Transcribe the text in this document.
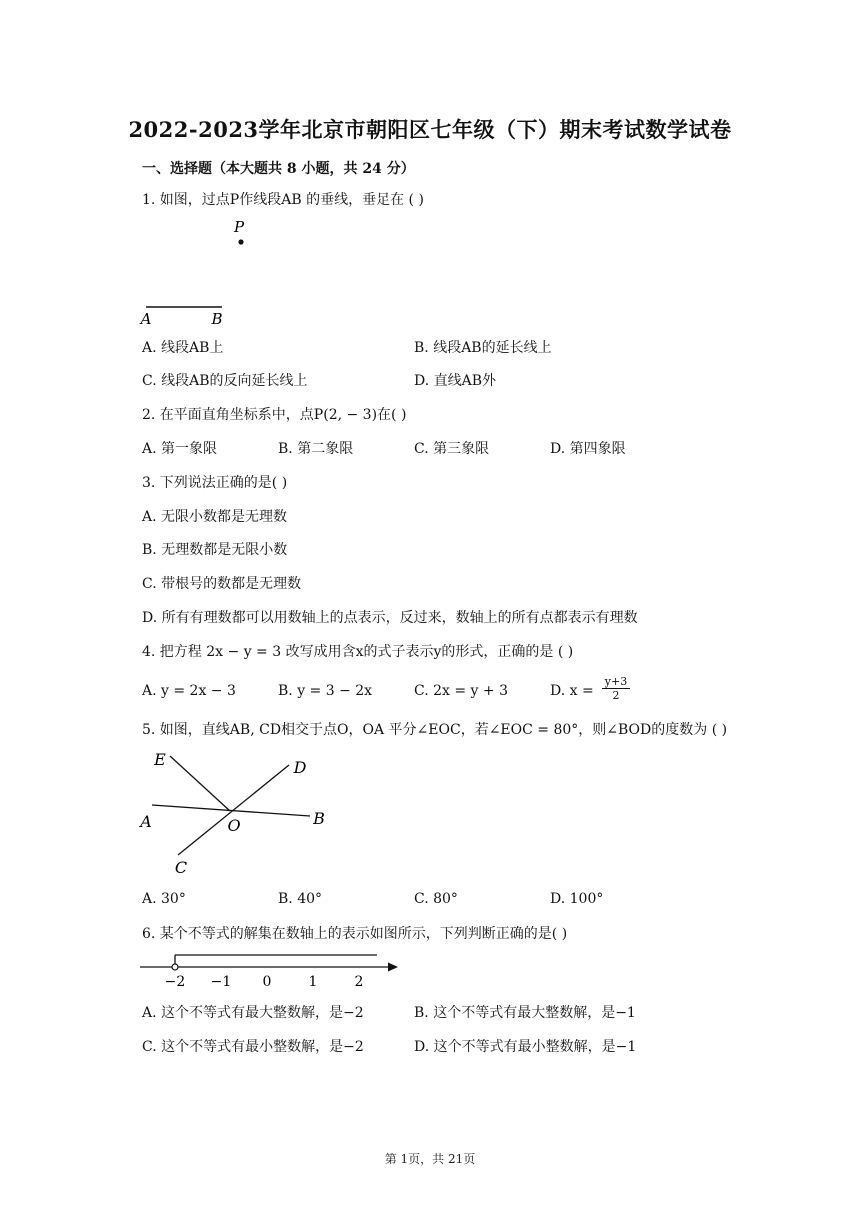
2022-2023学年北京市朝阳区七年级（下）期末考试数学试卷
一、选择题（本大题共 8 小题，共 24 分）
1. 如图，过点P作线段AB 的垂线，垂足在 ( )
P
A	B
A. 线段AB上	B. 线段AB的延长线上
C. 线段AB的反向延长线上	D. 直线AB外
2. 在平面直角坐标系中，点P(2, − 3)在( )
A. 第一象限	B. 第二象限	C. 第三象限	D. 第四象限
3. 下列说法正确的是( )
A. 无限小数都是无理数
B. 无理数都是无限小数
C. 带根号的数都是无理数
D. 所有有理数都可以用数轴上的点表示，反过来，数轴上的所有点都表示有理数
4. 把方程 2x − y = 3 改写成用含x的式子表示y的形式，正确的是 ( )
A. y = 2x − 3	B. y = 3 − 2x	C. 2x = y + 3	D. $x = \frac{y+3}{2}$
5. 如图，直线AB, CD相交于点O，OA 平分∠EOC，若∠EOC = 80°，则∠BOD的度数为 ( )
E	D
A	O	B
C
A. 30°	B. 40°	C. 80°	D. 100°
6. 某个不等式的解集在数轴上的表示如图所示，下列判断正确的是( )
−2 −1 0	1	2
A. 这个不等式有最大整数解，是−2	B. 这个不等式有最大整数解，是−1
C. 这个不等式有最小整数解，是−2	D. 这个不等式有最小整数解，是−1
第 1页，共 21页
